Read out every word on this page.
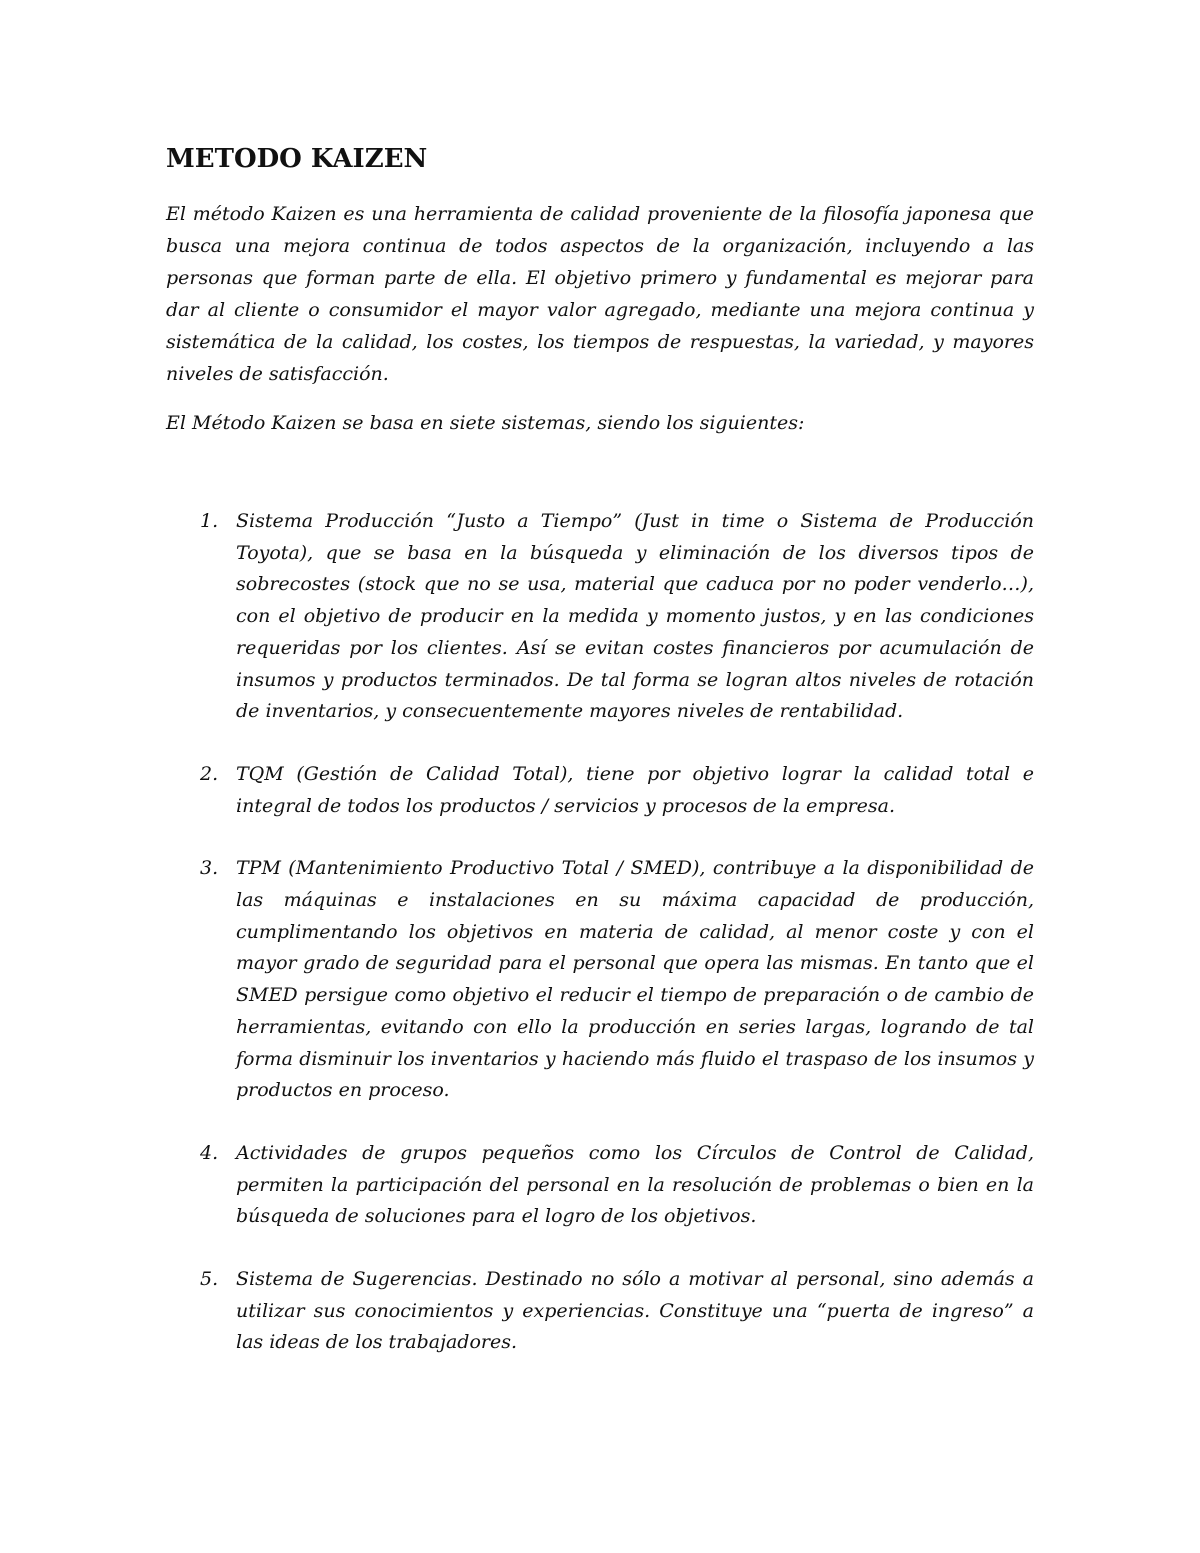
METODO KAIZEN

El método Kaizen es una herramienta de calidad proveniente de la filosofía japonesa que busca una mejora continua de todos aspectos de la organización, incluyendo a las personas que forman parte de ella. El objetivo primero y fundamental es mejorar para dar al cliente o consumidor el mayor valor agregado, mediante una mejora continua y sistemática de la calidad, los costes, los tiempos de respuestas, la variedad, y mayores niveles de satisfacción.

El Método Kaizen se basa en siete sistemas, siendo los siguientes:

1. Sistema Producción “Justo a Tiempo” (Just in time o Sistema de Producción Toyota), que se basa en la búsqueda y eliminación de los diversos tipos de sobrecostes (stock que no se usa, material que caduca por no poder venderlo…), con el objetivo de producir en la medida y momento justos, y en las condiciones requeridas por los clientes. Así se evitan costes financieros por acumulación de insumos y productos terminados. De tal forma se logran altos niveles de rotación de inventarios, y consecuentemente mayores niveles de rentabilidad.
2. TQM (Gestión de Calidad Total), tiene por objetivo lograr la calidad total e integral de todos los productos / servicios y procesos de la empresa.
3. TPM (Mantenimiento Productivo Total / SMED), contribuye a la disponibilidad de las máquinas e instalaciones en su máxima capacidad de producción, cumplimentando los objetivos en materia de calidad, al menor coste y con el mayor grado de seguridad para el personal que opera las mismas. En tanto que el SMED persigue como objetivo el reducir el tiempo de preparación o de cambio de herramientas, evitando con ello la producción en series largas, logrando de tal forma disminuir los inventarios y haciendo más fluido el traspaso de los insumos y productos en proceso.
4. Actividades de grupos pequeños como los Círculos de Control de Calidad, permiten la participación del personal en la resolución de problemas o bien en la búsqueda de soluciones para el logro de los objetivos.
5. Sistema de Sugerencias. Destinado no sólo a motivar al personal, sino además a utilizar sus conocimientos y experiencias. Constituye una “puerta de ingreso” a las ideas de los trabajadores.
